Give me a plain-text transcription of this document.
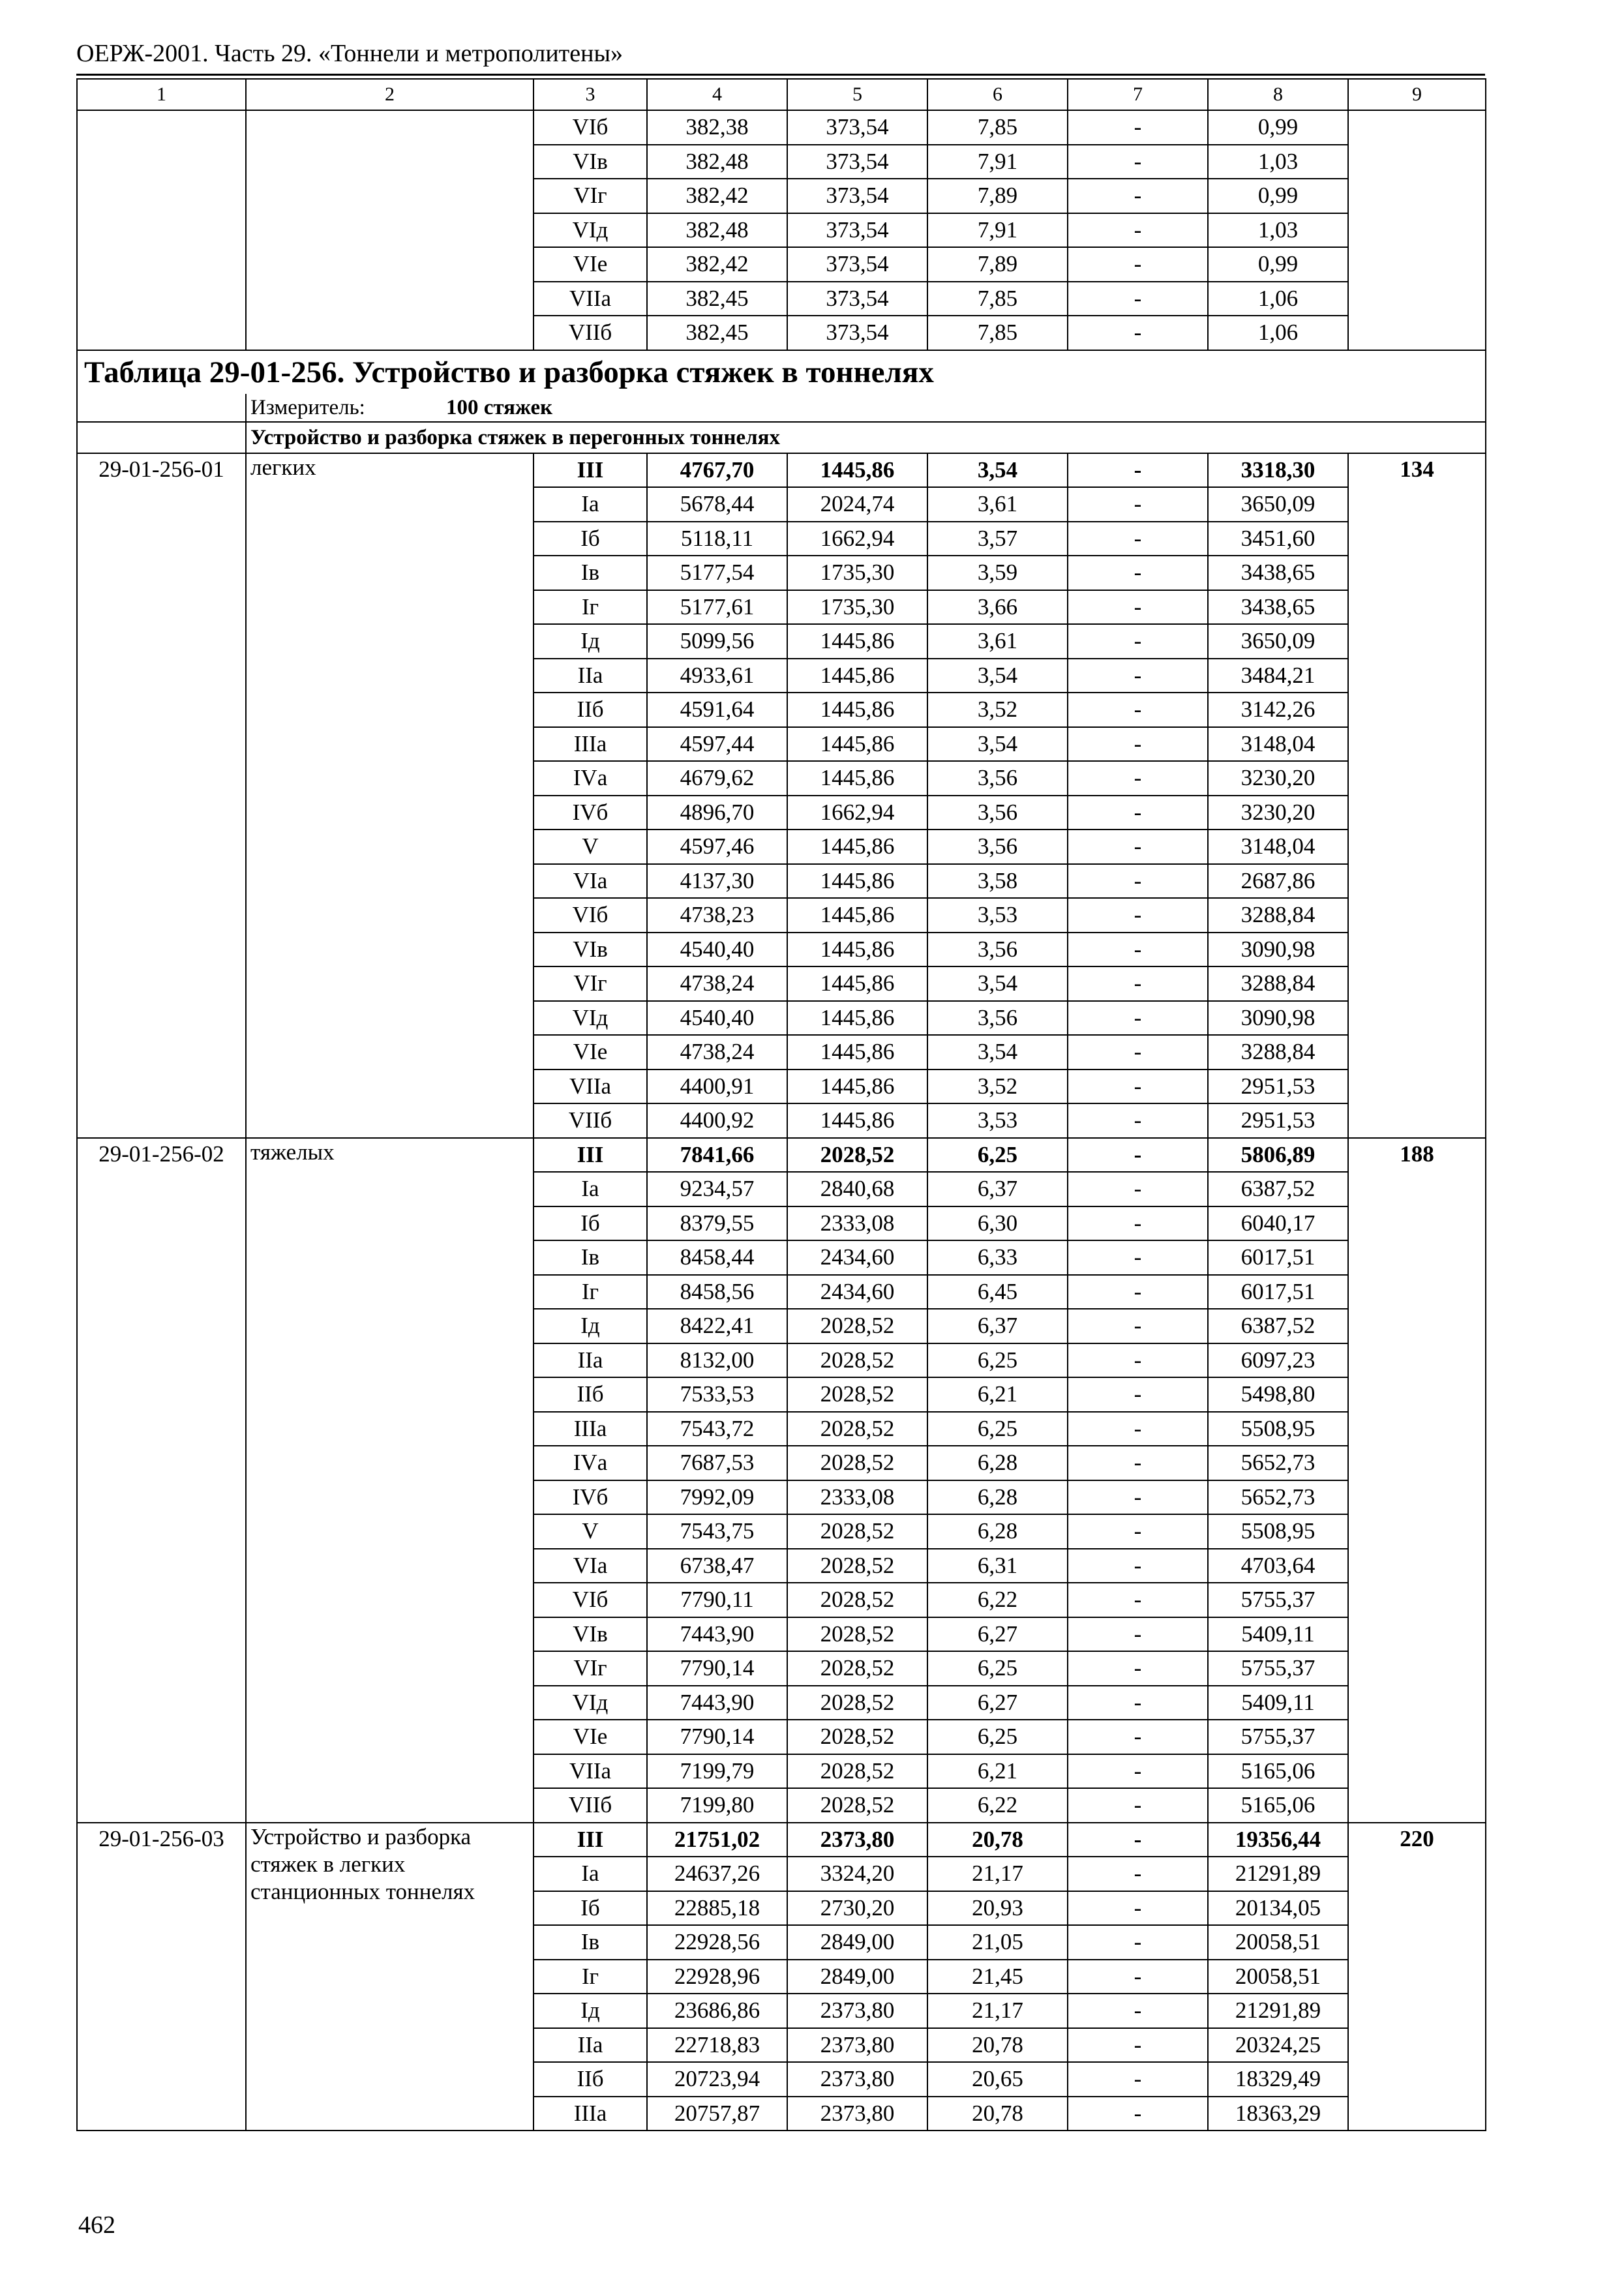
ОЕРЖ-2001. Часть 29. «Тоннели и метрополитены»
1	2	3	4	5	6	7	8	9
		VIб	382,38	373,54	7,85	-	0,99	
		VIв	382,48	373,54	7,91	-	1,03	
		VIг	382,42	373,54	7,89	-	0,99	
		VIд	382,48	373,54	7,91	-	1,03	
		VIе	382,42	373,54	7,89	-	0,99	
		VIIа	382,45	373,54	7,85	-	1,06	
		VIIб	382,45	373,54	7,85	-	1,06	
Таблица 29-01-256. Устройство и разборка стяжек в тоннелях								
	Измеритель: 100 стяжек							
	Устройство и разборка стяжек в перегонных тоннелях							
29-01-256-01	легких	III	4767,70	1445,86	3,54	-	3318,30	134
		Iа	5678,44	2024,74	3,61	-	3650,09	
		Iб	5118,11	1662,94	3,57	-	3451,60	
		Iв	5177,54	1735,30	3,59	-	3438,65	
		Iг	5177,61	1735,30	3,66	-	3438,65	
		Iд	5099,56	1445,86	3,61	-	3650,09	
		IIа	4933,61	1445,86	3,54	-	3484,21	
		IIб	4591,64	1445,86	3,52	-	3142,26	
		IIIа	4597,44	1445,86	3,54	-	3148,04	
		IVа	4679,62	1445,86	3,56	-	3230,20	
		IVб	4896,70	1662,94	3,56	-	3230,20	
		V	4597,46	1445,86	3,56	-	3148,04	
		VIа	4137,30	1445,86	3,58	-	2687,86	
		VIб	4738,23	1445,86	3,53	-	3288,84	
		VIв	4540,40	1445,86	3,56	-	3090,98	
		VIг	4738,24	1445,86	3,54	-	3288,84	
		VIд	4540,40	1445,86	3,56	-	3090,98	
		VIе	4738,24	1445,86	3,54	-	3288,84	
		VIIа	4400,91	1445,86	3,52	-	2951,53	
		VIIб	4400,92	1445,86	3,53	-	2951,53	
29-01-256-02	тяжелых	III	7841,66	2028,52	6,25	-	5806,89	188
		Iа	9234,57	2840,68	6,37	-	6387,52	
		Iб	8379,55	2333,08	6,30	-	6040,17	
		Iв	8458,44	2434,60	6,33	-	6017,51	
		Iг	8458,56	2434,60	6,45	-	6017,51	
		Iд	8422,41	2028,52	6,37	-	6387,52	
		IIа	8132,00	2028,52	6,25	-	6097,23	
		IIб	7533,53	2028,52	6,21	-	5498,80	
		IIIа	7543,72	2028,52	6,25	-	5508,95	
		IVа	7687,53	2028,52	6,28	-	5652,73	
		IVб	7992,09	2333,08	6,28	-	5652,73	
		V	7543,75	2028,52	6,28	-	5508,95	
		VIа	6738,47	2028,52	6,31	-	4703,64	
		VIб	7790,11	2028,52	6,22	-	5755,37	
		VIв	7443,90	2028,52	6,27	-	5409,11	
		VIг	7790,14	2028,52	6,25	-	5755,37	
		VIд	7443,90	2028,52	6,27	-	5409,11	
		VIе	7790,14	2028,52	6,25	-	5755,37	
		VIIа	7199,79	2028,52	6,21	-	5165,06	
		VIIб	7199,80	2028,52	6,22	-	5165,06	
29-01-256-03	Устройство и разборка стяжек в легких станционных тоннелях	III	21751,02	2373,80	20,78	-	19356,44	220
		Iа	24637,26	3324,20	21,17	-	21291,89	
		Iб	22885,18	2730,20	20,93	-	20134,05	
		Iв	22928,56	2849,00	21,05	-	20058,51	
		Iг	22928,96	2849,00	21,45	-	20058,51	
		Iд	23686,86	2373,80	21,17	-	21291,89	
		IIа	22718,83	2373,80	20,78	-	20324,25	
		IIб	20723,94	2373,80	20,65	-	18329,49	
		IIIа	20757,87	2373,80	20,78	-	18363,29	
462
